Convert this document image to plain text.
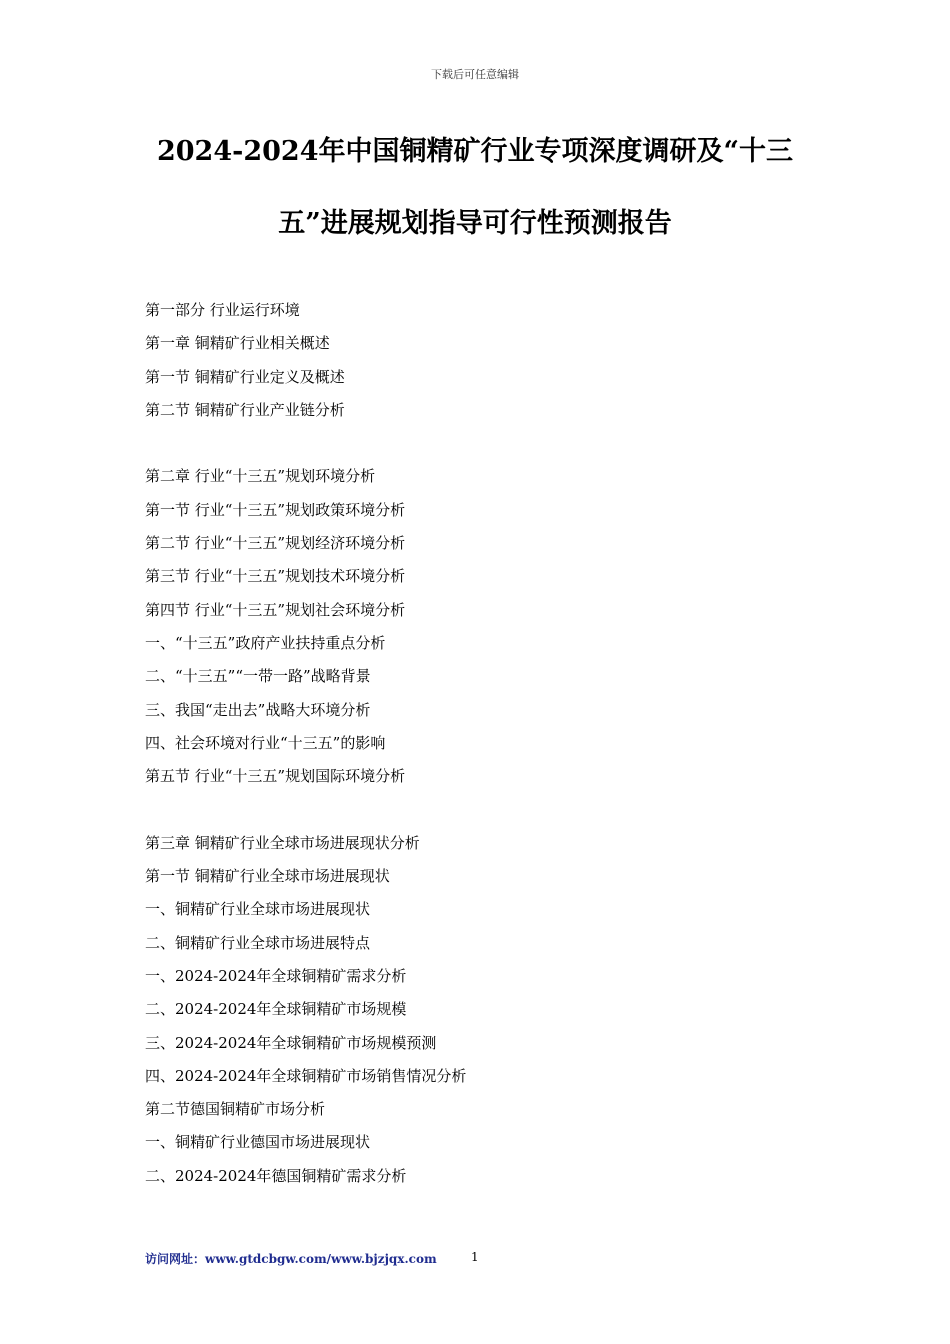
下载后可任意编辑
2024-2024年中国铜精矿行业专项深度调研及“十三
五”进展规划指导可行性预测报告
第一部分 行业运行环境
第一章 铜精矿行业相关概述
第一节 铜精矿行业定义及概述
第二节 铜精矿行业产业链分析
第二章 行业“十三五”规划环境分析
第一节 行业“十三五”规划政策环境分析
第二节 行业“十三五”规划经济环境分析
第三节 行业“十三五”规划技术环境分析
第四节 行业“十三五”规划社会环境分析
一、“十三五”政府产业扶持重点分析
二、“十三五”“一带一路”战略背景
三、我国“走出去”战略大环境分析
四、社会环境对行业“十三五”的影响
第五节 行业“十三五”规划国际环境分析
第三章 铜精矿行业全球市场进展现状分析
第一节 铜精矿行业全球市场进展现状
一、铜精矿行业全球市场进展现状
二、铜精矿行业全球市场进展特点
一、2024-2024年全球铜精矿需求分析
二、2024-2024年全球铜精矿市场规模
三、2024-2024年全球铜精矿市场规模预测
四、2024-2024年全球铜精矿市场销售情况分析
第二节德国铜精矿市场分析
一、铜精矿行业德国市场进展现状
二、2024-2024年德国铜精矿需求分析
访问网址：www.gtdcbgw.com/www.bjzjqx.com	1
